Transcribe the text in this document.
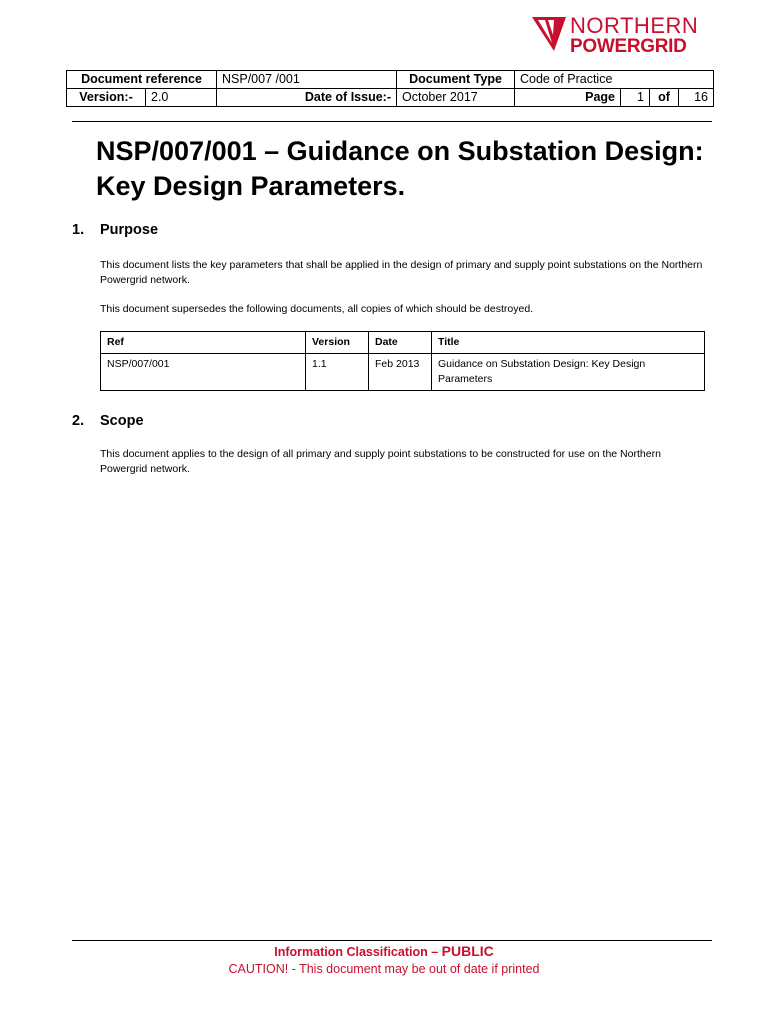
NORTHERN
POWERGRID
Document reference		NSP/007 /001	Document Type	Code of Practice			
Version:-	2.0	Date of Issue:-	October 2017	Page	1	of	16
NSP/007/001 – Guidance on Substation Design:
Key Design Parameters.
1. Purpose

This document lists the key parameters that shall be applied in the design of primary and supply point substations on the Northern Powergrid network.

This document supersedes the following documents, all copies of which should be destroyed.

Ref	Version	Date	Title
NSP/007/001	1.1	Feb 2013	Guidance on Substation Design: Key Design Parameters
2. Scope

This document applies to the design of all primary and supply point substations to be constructed for use on the Northern Powergrid network.

Information Classification – PUBLIC
CAUTION! - This document may be out of date if printed
